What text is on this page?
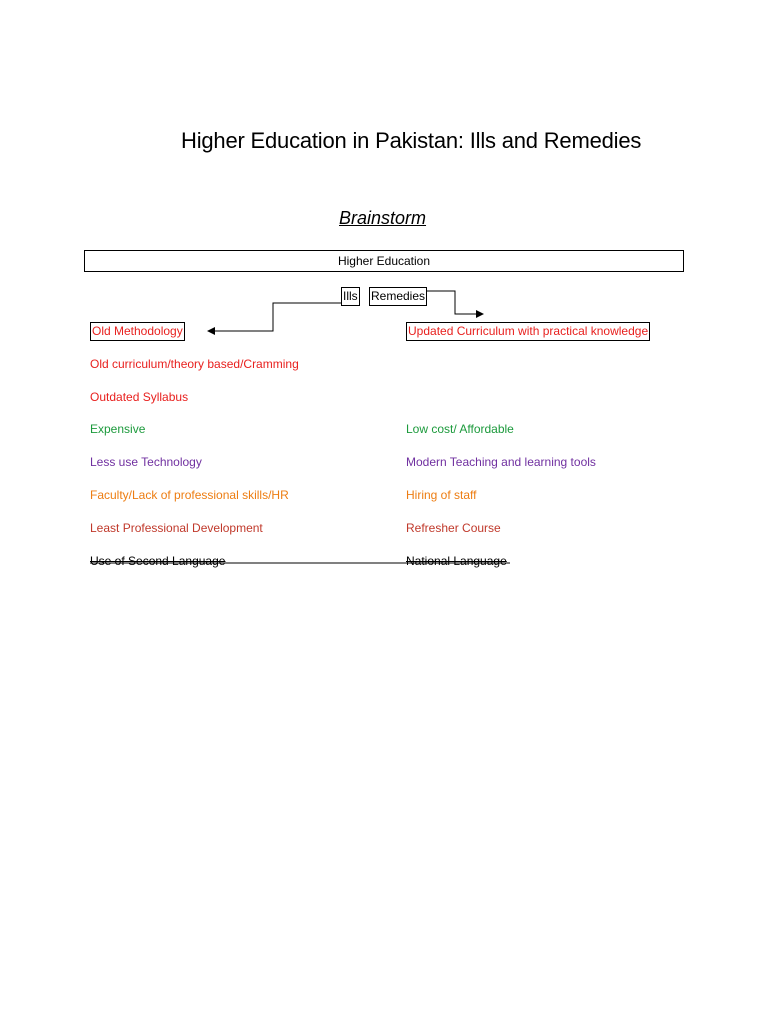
Higher Education in Pakistan: Ills and Remedies
Brainstorm
Higher Education
Ills Remedies
Old Methodology
Old curriculum/theory based/Cramming
Outdated Syllabus
Expensive
Less use Technology
Faculty/Lack of professional skills/HR
Least Professional Development
Use of Second Language
Updated Curriculum with practical knowledge
Low cost/ Affordable
Modern Teaching and learning tools
Hiring of staff
Refresher Course
National Language
